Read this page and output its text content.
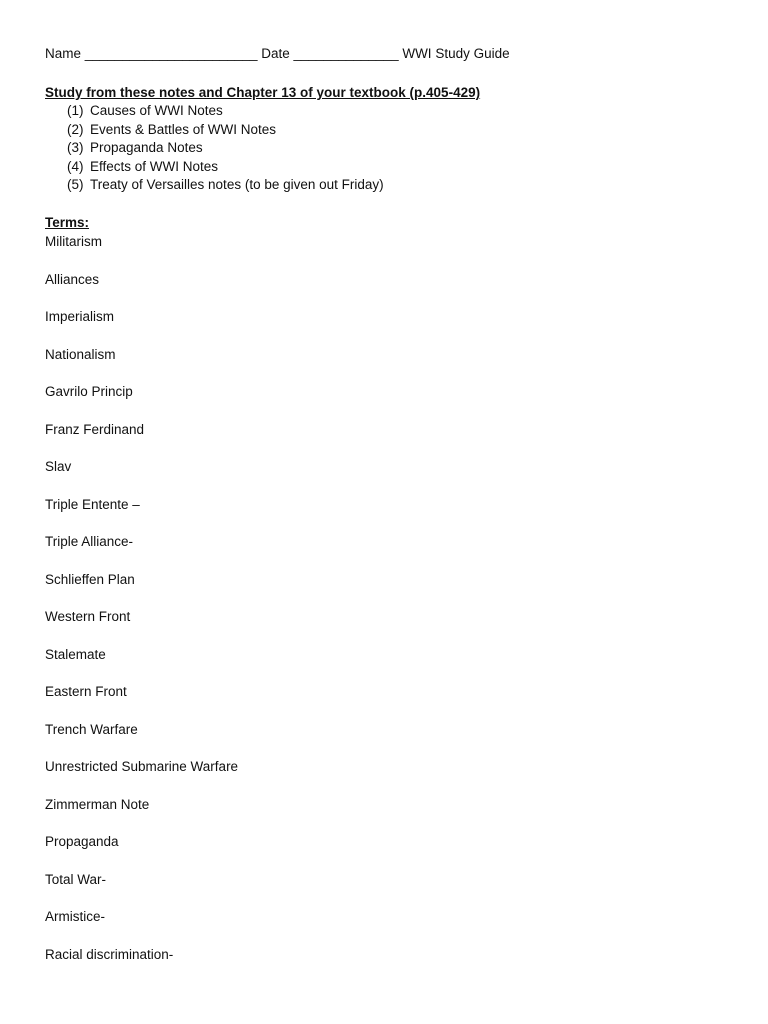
Name _______________________ Date ______________ WWI Study Guide
Study from these notes and Chapter 13 of your textbook (p.405-429)
(1) Causes of WWI Notes
(2) Events & Battles of WWI Notes
(3) Propaganda Notes
(4) Effects of WWI Notes
(5) Treaty of Versailles notes (to be given out Friday)
Terms:
Militarism
Alliances
Imperialism
Nationalism
Gavrilo Princip
Franz Ferdinand
Slav
Triple Entente –
Triple Alliance-
Schlieffen Plan
Western Front
Stalemate
Eastern Front
Trench Warfare
Unrestricted Submarine Warfare
Zimmerman Note
Propaganda
Total War-
Armistice-
Racial discrimination-
